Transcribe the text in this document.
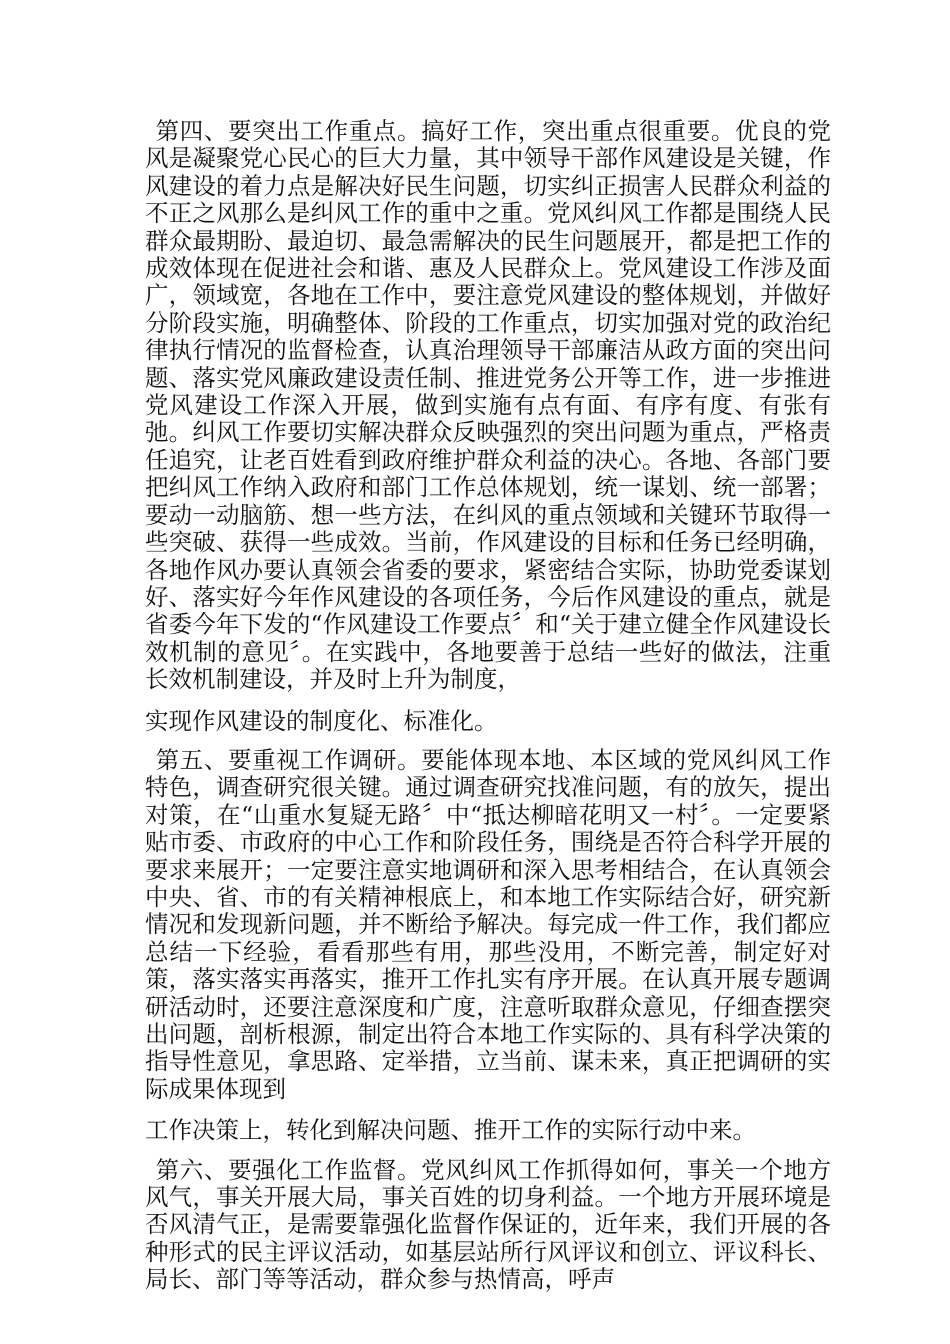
第四、要突出工作重点。搞好工作，突出重点很重要。优良的党风是凝聚党心民心的巨大力量，其中领导干部作风建设是关键，作风建设的着力点是解决好民生问题，切实纠正损害人民群众利益的不正之风那么是纠风工作的重中之重。党风纠风工作都是围绕人民群众最期盼、最迫切、最急需解决的民生问题展开，都是把工作的成效体现在促进社会和谐、惠及人民群众上。党风建设工作涉及面广，领域宽，各地在工作中，要注意党风建设的整体规划，并做好分阶段实施，明确整体、阶段的工作重点，切实加强对党的政治纪律执行情况的监督检查，认真治理领导干部廉洁从政方面的突出问题、落实党风廉政建设责任制、推进党务公开等工作，进一步推进党风建设工作深入开展，做到实施有点有面、有序有度、有张有弛。纠风工作要切实解决群众反映强烈的突出问题为重点，严格责任追究，让老百姓看到政府维护群众利益的决心。各地、各部门要把纠风工作纳入政府和部门工作总体规划，统一谋划、统一部署；要动一动脑筋、想一些方法，在纠风的重点领域和关键环节取得一些突破、获得一些成效。当前，作风建设的目标和任务已经明确，各地作风办要认真领会省委的要求，紧密结合实际，协助党委谋划好、落实好今年作风建设的各项任务，今后作风建设的重点，就是省委今年下发的“作风建设工作要点〞和“关于建立健全作风建设长效机制的意见〞。在实践中，各地要善于总结一些好的做法，注重长效机制建设，并及时上升为制度，
实现作风建设的制度化、标准化。

第五、要重视工作调研。要能体现本地、本区域的党风纠风工作特色，调查研究很关键。通过调查研究找准问题，有的放矢，提出对策，在“山重水复疑无路〞中“抵达柳暗花明又一村〞。一定要紧贴市委、市政府的中心工作和阶段任务，围绕是否符合科学开展的要求来展开；一定要注意实地调研和深入思考相结合，在认真领会中央、省、市的有关精神根底上，和本地工作实际结合好，研究新情况和发现新问题，并不断给予解决。每完成一件工作，我们都应总结一下经验，看看那些有用，那些没用，不断完善，制定好对策，落实落实再落实，推开工作扎实有序开展。在认真开展专题调研活动时，还要注意深度和广度，注意听取群众意见，仔细查摆突出问题，剖析根源，制定出符合本地工作实际的、具有科学决策的指导性意见，拿思路、定举措，立当前、谋未来，真正把调研的实际成果体现到
工作决策上，转化到解决问题、推开工作的实际行动中来。

第六、要强化工作监督。党风纠风工作抓得如何，事关一个地方风气，事关开展大局，事关百姓的切身利益。一个地方开展环境是否风清气正，是需要靠强化监督作保证的，近年来，我们开展的各种形式的民主评议活动，如基层站所行风评议和创立、评议科长、局长、部门等等活动，群众参与热情高，呼声
